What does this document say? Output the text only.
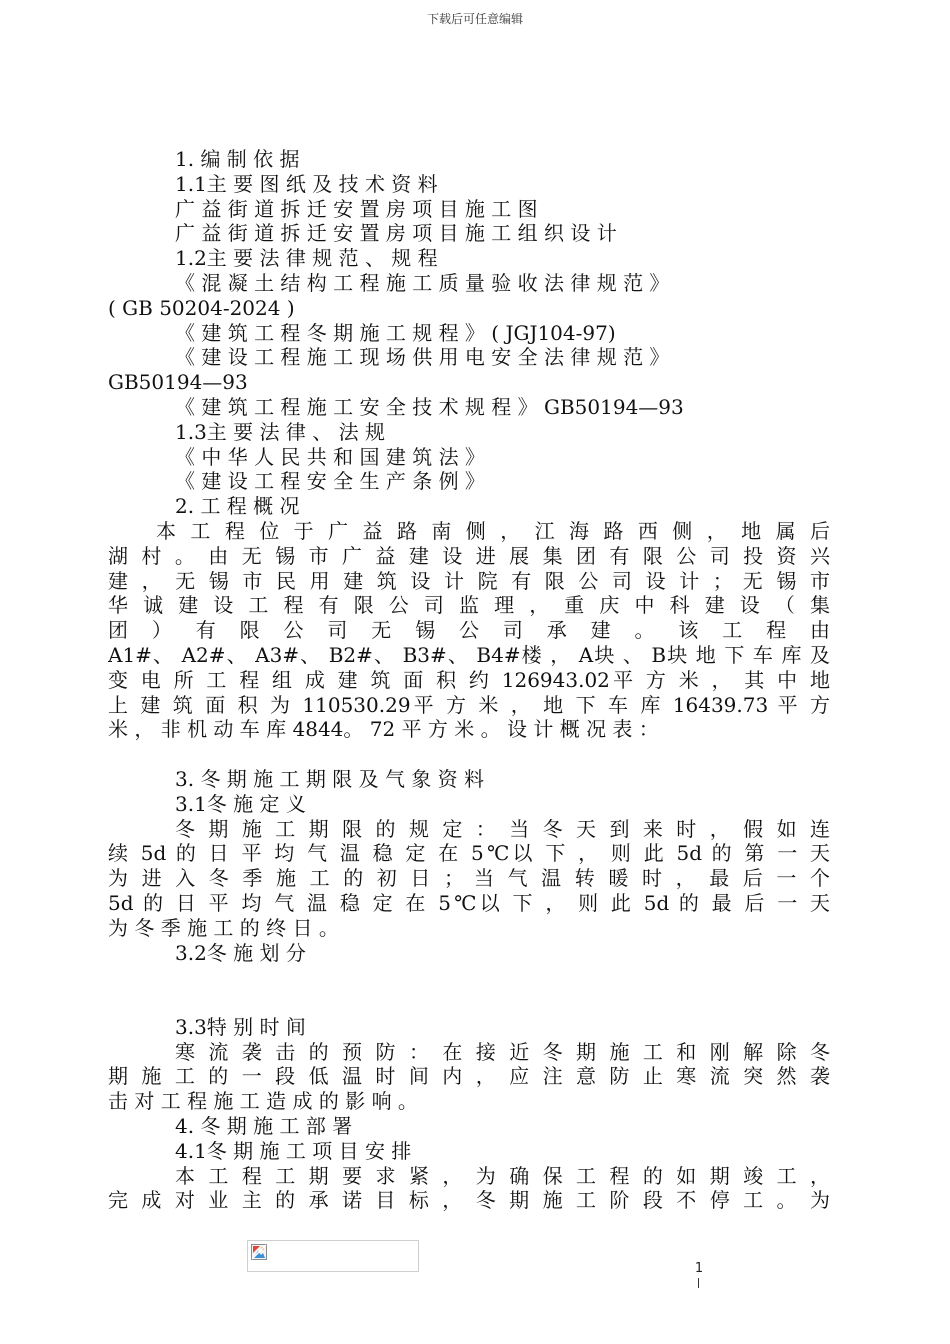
下载后可任意编辑
1. 编 制 依 据
1.1主 要 图 纸 及 技 术 资 料
广 益 街 道 拆 迁 安 置 房 项 目 施 工 图
广 益 街 道 拆 迁 安 置 房 项 目 施 工 组 织 设 计
1.2主 要 法 律 规 范 、 规 程
《 混 凝 土 结 构 工 程 施 工 质 量 验 收 法 律 规 范 》
( GB 50204-2024 )
《 建 筑 工 程 冬 期 施 工 规 程 》 ( JGJ104-97)
《 建 设 工 程 施 工 现 场 供 用 电 安 全 法 律 规 范 》
GB50194—93
《 建 筑 工 程 施 工 安 全 技 术 规 程 》 GB50194—93
1.3主 要 法 律 、 法 规
《 中 华 人 民 共 和 国 建 筑 法 》
《 建 设 工 程 安 全 生 产 条 例 》
2. 工 程 概 况
本 工 程 位 于 广 益 路 南 侧 ， 江 海 路 西 侧 ， 地 属 后
湖 村 。 由 无 锡 市 广 益 建 设 进 展 集 团 有 限 公 司 投 资 兴
建 ， 无 锡 市 民 用 建 筑 设 计 院 有 限 公 司 设 计 ； 无 锡 市
华 诚 建 设 工 程 有 限 公 司 监 理 ， 重 庆 中 科 建 设 （ 集
团 ） 有 限 公 司 无 锡 公 司 承 建 。 该 工 程 由
A1#、 A2#、 A3#、 B2#、 B3#、 B4#楼 ， A块 、 B块 地 下 车 库 及
变 电 所 工 程 组 成 建 筑 面 积 约 126943.02平 方 米 ， 其 中 地
上 建 筑 面 积 为 110530.29平 方 米 ， 地 下 车 库 16439.73 平 方
米 ， 非 机 动 车 库 4844。 72 平 方 米 。 设 计 概 况 表 ：
3. 冬 期 施 工 期 限 及 气 象 资 料
3.1冬 施 定 义
冬 期 施 工 期 限 的 规 定 ： 当 冬 天 到 来 时 ， 假 如 连
续 5d 的 日 平 均 气 温 稳 定 在 5℃以 下 ， 则 此 5d 的 第 一 天
为 进 入 冬 季 施 工 的 初 日 ； 当 气 温 转 暖 时 ， 最 后 一 个
5d 的 日 平 均 气 温 稳 定 在 5℃以 下 ， 则 此 5d 的 最 后 一 天
为 冬 季 施 工 的 终 日 。
3.2冬 施 划 分
3.3特 别 时 间
寒 流 袭 击 的 预 防 ： 在 接 近 冬 期 施 工 和 刚 解 除 冬
期 施 工 的 一 段 低 温 时 间 内 ， 应 注 意 防 止 寒 流 突 然 袭
击 对 工 程 施 工 造 成 的 影 响 。
4. 冬 期 施 工 部 署
4.1冬 期 施 工 项 目 安 排
本 工 程 工 期 要 求 紧 ， 为 确 保 工 程 的 如 期 竣 工 ，
完 成 对 业 主 的 承 诺 目 标 ， 冬 期 施 工 阶 段 不 停 工 。 为
1
